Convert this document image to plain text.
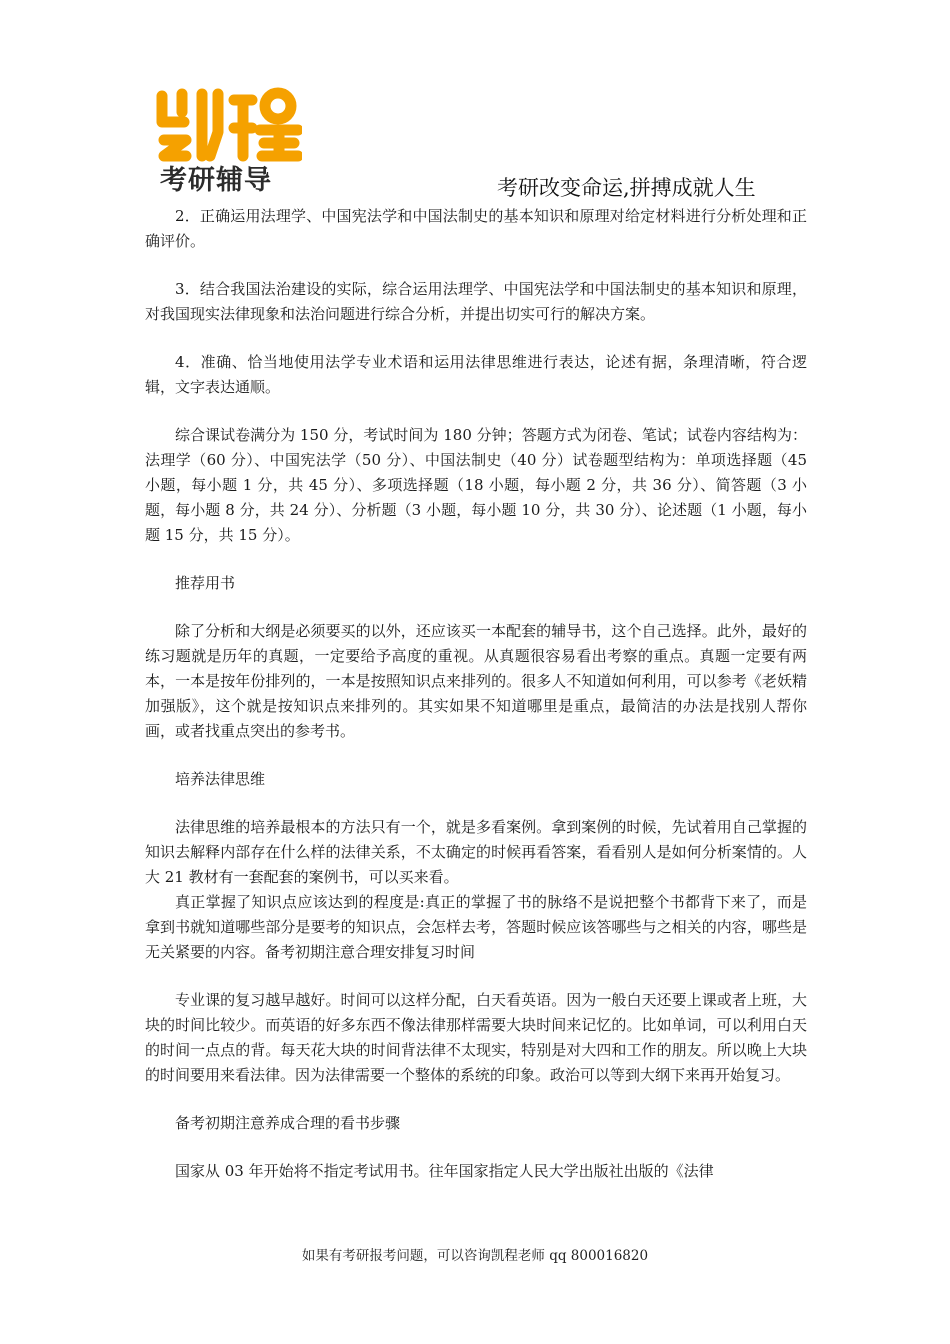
考研辅导	考研改变命运,拼搏成就人生

2．正确运用法理学、中国宪法学和中国法制史的基本知识和原理对给定材料进行分析处理和正确评价。

3．结合我国法治建设的实际，综合运用法理学、中国宪法学和中国法制史的基本知识和原理，对我国现实法律现象和法治问题进行综合分析，并提出切实可行的解决方案。

4．准确、恰当地使用法学专业术语和运用法律思维进行表达，论述有据，条理清晰，符合逻辑，文字表达通顺。

综合课试卷满分为 150 分，考试时间为 180 分钟；答题方式为闭卷、笔试；试卷内容结构为：法理学（60 分）、中国宪法学（50 分）、中国法制史（40 分）试卷题型结构为：单项选择题（45 小题，每小题 1 分，共 45 分）、多项选择题（18 小题，每小题 2 分，共 36 分）、简答题（3 小题，每小题 8 分，共 24 分）、分析题（3 小题，每小题 10 分，共 30 分）、论述题（1 小题，每小题 15 分，共 15 分）。

推荐用书

除了分析和大纲是必须要买的以外，还应该买一本配套的辅导书，这个自己选择。此外，最好的练习题就是历年的真题，一定要给予高度的重视。从真题很容易看出考察的重点。真题一定要有两本，一本是按年份排列的，一本是按照知识点来排列的。很多人不知道如何利用，可以参考《老妖精加强版》，这个就是按知识点来排列的。其实如果不知道哪里是重点，最简洁的办法是找别人帮你画，或者找重点突出的参考书。

培养法律思维

法律思维的培养最根本的方法只有一个，就是多看案例。拿到案例的时候，先试着用自己掌握的知识去解释内部存在什么样的法律关系，不太确定的时候再看答案，看看别人是如何分析案情的。人大 21 教材有一套配套的案例书，可以买来看。

真正掌握了知识点应该达到的程度是:真正的掌握了书的脉络不是说把整个书都背下来了，而是拿到书就知道哪些部分是要考的知识点，会怎样去考，答题时候应该答哪些与之相关的内容，哪些是无关紧要的内容。备考初期注意合理安排复习时间

专业课的复习越早越好。时间可以这样分配，白天看英语。因为一般白天还要上课或者上班，大块的时间比较少。而英语的好多东西不像法律那样需要大块时间来记忆的。比如单词，可以利用白天的时间一点点的背。每天花大块的时间背法律不太现实，特别是对大四和工作的朋友。所以晚上大块的时间要用来看法律。因为法律需要一个整体的系统的印象。政治可以等到大纲下来再开始复习。

备考初期注意养成合理的看书步骤

国家从 03 年开始将不指定考试用书。往年国家指定人民大学出版社出版的《法律

如果有考研报考问题，可以咨询凯程老师 qq 800016820
